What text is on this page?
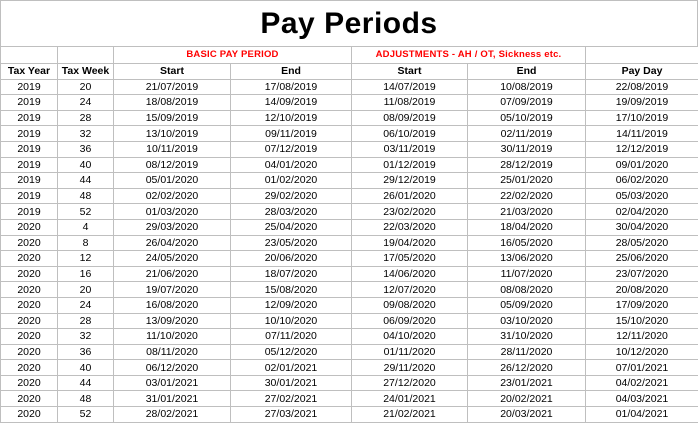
Pay Periods
		BASIC PAY PERIOD		ADJUSTMENTS - AH / OT, Sickness etc.		
Tax Year	Tax Week	Start	End	Start	End	Pay Day
2019	20	21/07/2019	17/08/2019	14/07/2019	10/08/2019	22/08/2019
2019	24	18/08/2019	14/09/2019	11/08/2019	07/09/2019	19/09/2019
2019	28	15/09/2019	12/10/2019	08/09/2019	05/10/2019	17/10/2019
2019	32	13/10/2019	09/11/2019	06/10/2019	02/11/2019	14/11/2019
2019	36	10/11/2019	07/12/2019	03/11/2019	30/11/2019	12/12/2019
2019	40	08/12/2019	04/01/2020	01/12/2019	28/12/2019	09/01/2020
2019	44	05/01/2020	01/02/2020	29/12/2019	25/01/2020	06/02/2020
2019	48	02/02/2020	29/02/2020	26/01/2020	22/02/2020	05/03/2020
2019	52	01/03/2020	28/03/2020	23/02/2020	21/03/2020	02/04/2020
2020	4	29/03/2020	25/04/2020	22/03/2020	18/04/2020	30/04/2020
2020	8	26/04/2020	23/05/2020	19/04/2020	16/05/2020	28/05/2020
2020	12	24/05/2020	20/06/2020	17/05/2020	13/06/2020	25/06/2020
2020	16	21/06/2020	18/07/2020	14/06/2020	11/07/2020	23/07/2020
2020	20	19/07/2020	15/08/2020	12/07/2020	08/08/2020	20/08/2020
2020	24	16/08/2020	12/09/2020	09/08/2020	05/09/2020	17/09/2020
2020	28	13/09/2020	10/10/2020	06/09/2020	03/10/2020	15/10/2020
2020	32	11/10/2020	07/11/2020	04/10/2020	31/10/2020	12/11/2020
2020	36	08/11/2020	05/12/2020	01/11/2020	28/11/2020	10/12/2020
2020	40	06/12/2020	02/01/2021	29/11/2020	26/12/2020	07/01/2021
2020	44	03/01/2021	30/01/2021	27/12/2020	23/01/2021	04/02/2021
2020	48	31/01/2021	27/02/2021	24/01/2021	20/02/2021	04/03/2021
2020	52	28/02/2021	27/03/2021	21/02/2021	20/03/2021	01/04/2021
